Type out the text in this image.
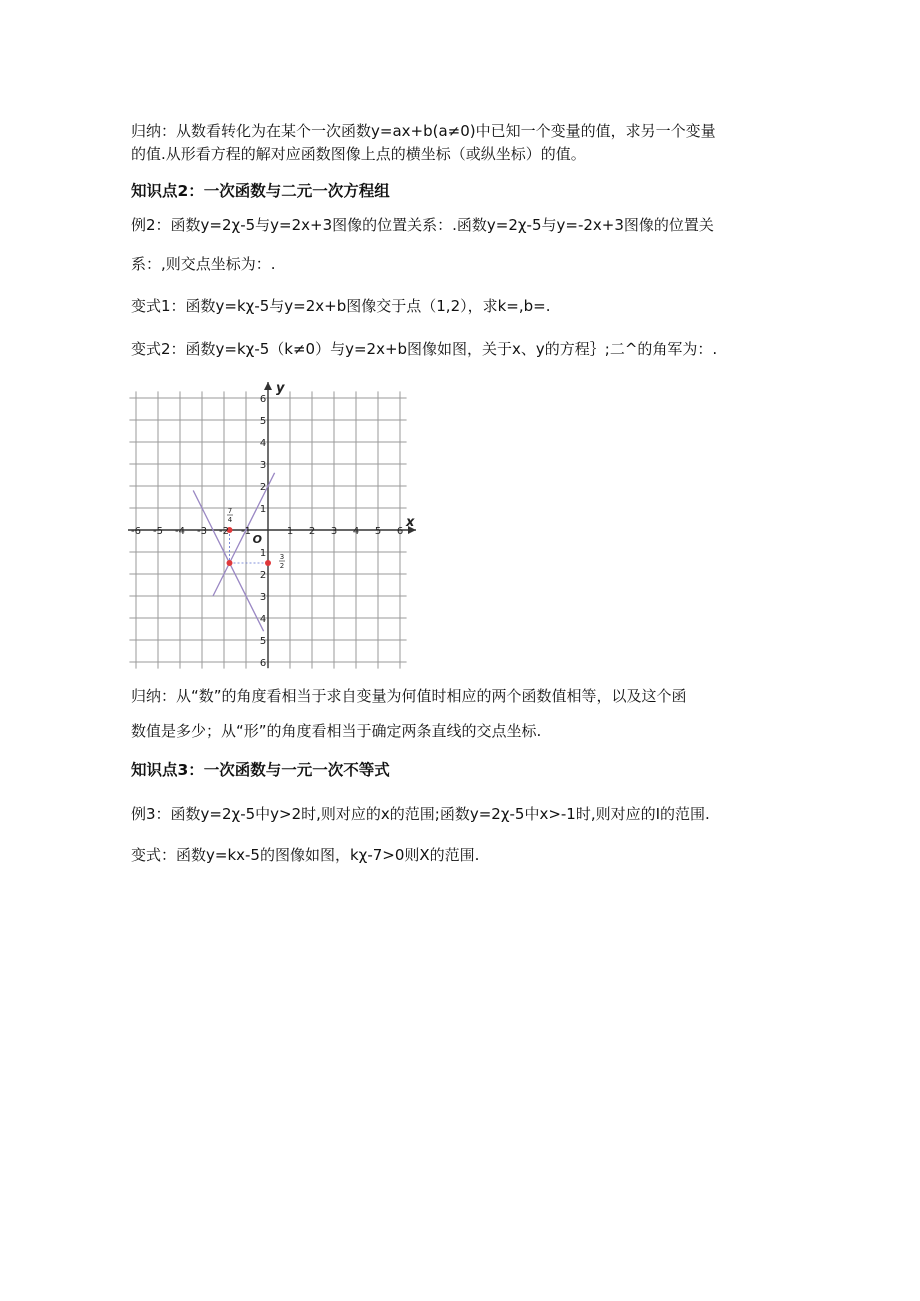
归纳：从数看转化为在某个一次函数y=ax+b(a≠0)中已知一个变量的值，求另一个变量
的值.从形看方程的解对应函数图像上点的横坐标（或纵坐标）的值。
知识点2：一次函数与二元一次方程组
例2：函数y=2χ-5与y=2x+3图像的位置关系：.函数y=2χ-5与y=-2x+3图像的位置关
系：,则交点坐标为：.
变式1：函数y=kχ-5与y=2x+b图像交于点（1,2），求k=,b=.
变式2：函数y=kχ-5（k≠0）与y=2x+b图像如图，关于x、y的方程｝;二^的角军为：.
-6 -5 -4 -3 -2 -1	1 2 3 4 5 6
6
5
4
3
2
1
1
2
3
4
5
6
y
x
O
7
4
3
2
归纳：从“数”的角度看相当于求自变量为何值时相应的两个函数值相等，以及这个函
数值是多少；从“形”的角度看相当于确定两条直线的交点坐标.
知识点3：一次函数与一元一次不等式
例3：函数y=2χ-5中y>2时,则对应的x的范围;函数y=2χ-5中x>-1时,则对应的I的范围.
变式：函数y=kx-5的图像如图，kχ-7>0则X的范围.
